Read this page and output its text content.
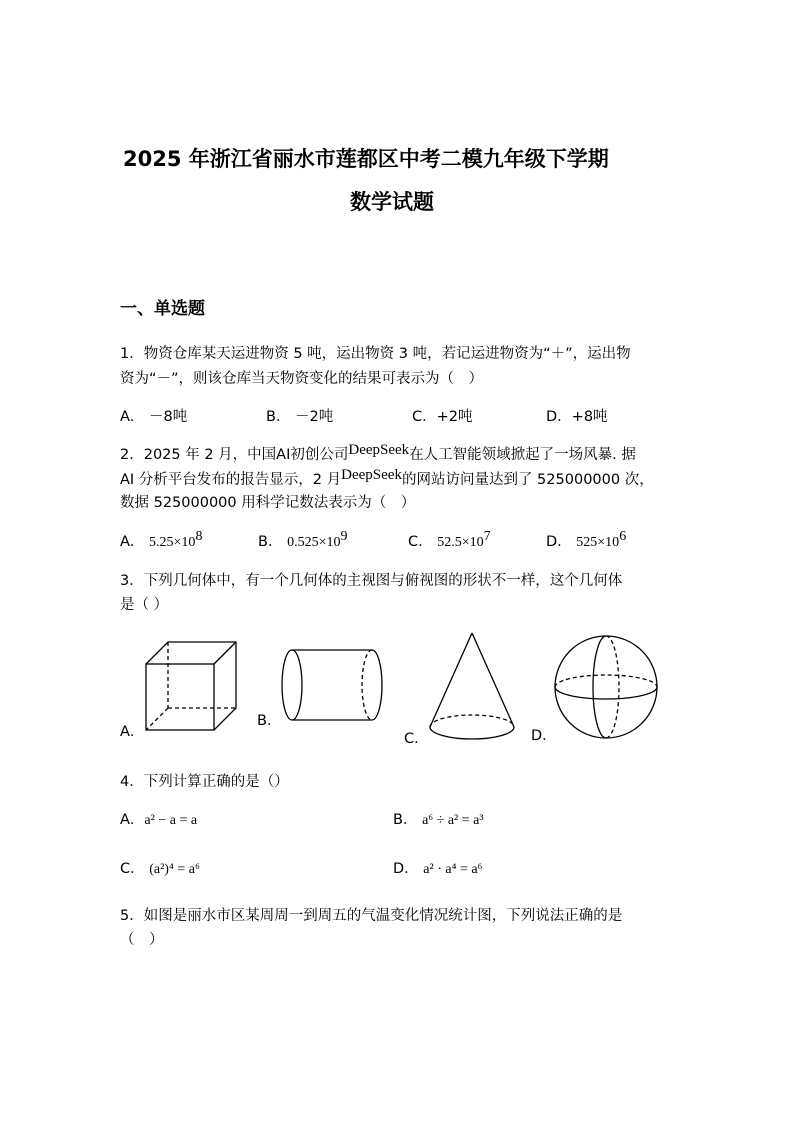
2025 年浙江省丽水市莲都区中考二模九年级下学期
数学试题
一、单选题
1．物资仓库某天运进物资 5 吨，运出物资 3 吨，若记运进物资为“＋”，运出物
资为“－”，则该仓库当天物资变化的结果可表示为（　）
A． －8吨	B． －2吨	C．+2吨	D．+8吨
2．2025 年 2 月，中国AI初创公司DeepSeek在人工智能领域掀起了一场风暴. 据
AI 分析平台发布的报告显示，2 月DeepSeek的网站访问量达到了 525000000 次，
数据 525000000 用科学记数法表示为（　）
A． $5.25\times 10^8$	B． $0.525\times 10^9$	C． $52.5\times 10^7$	D． $525\times 10^6$
3．下列几何体中，有一个几何体的主视图与俯视图的形状不一样，这个几何体
是（ ）
A．
B．
C．	D．
4．下列计算正确的是（）
A．a² − a = a	B． a⁶ ÷ a² = a³
C． (a²)⁴ = a⁶	D． a² · a⁴ = a⁶
5．如图是丽水市区某周周一到周五的气温变化情况统计图，下列说法正确的是
（　）
